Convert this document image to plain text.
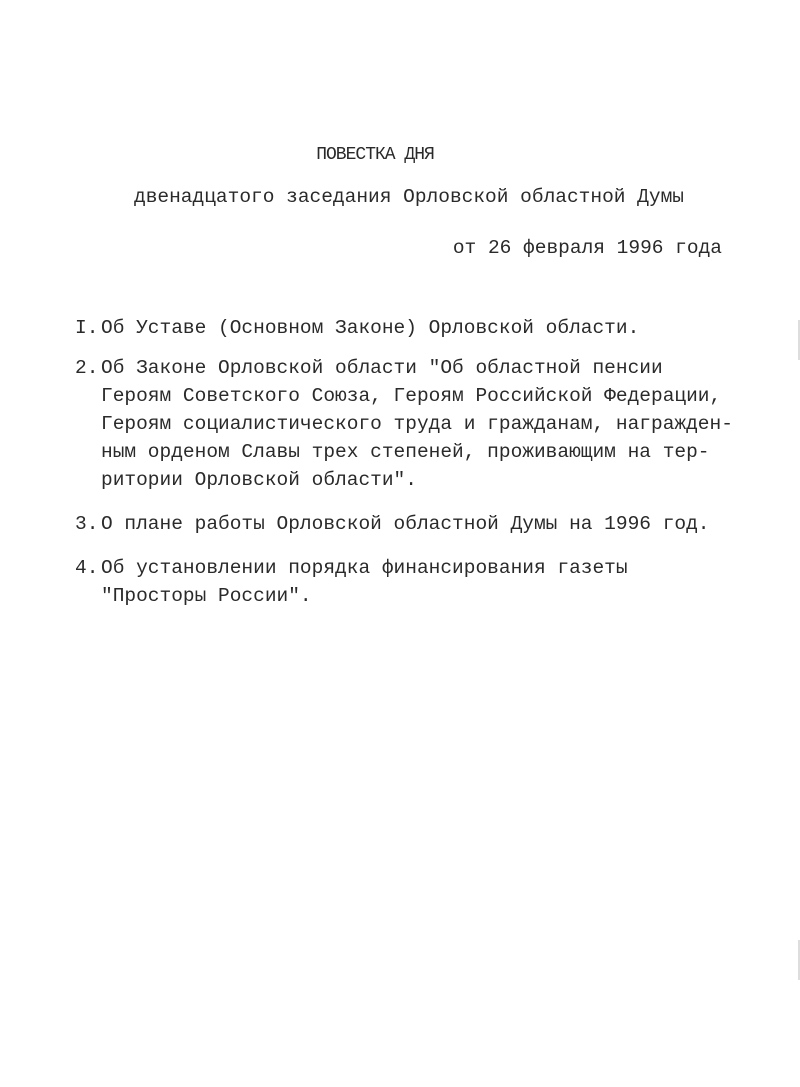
ПОВЕСТКА ДНЯ
двенадцатого заседания Орловской областной Думы
от 26 февраля 1996 года
I. Об Уставе (Основном Законе) Орловской области.
2. Об Законе Орловской области "Об областной пенсии
Героям Советского Союза, Героям Российской Федерации,
Героям социалистического труда и гражданам, награжден-
ным орденом Славы трех степеней, проживающим на тер-
ритории Орловской области".
3. О плане работы Орловской областной Думы на 1996 год.
4. Об установлении порядка финансирования газеты
"Просторы России".
